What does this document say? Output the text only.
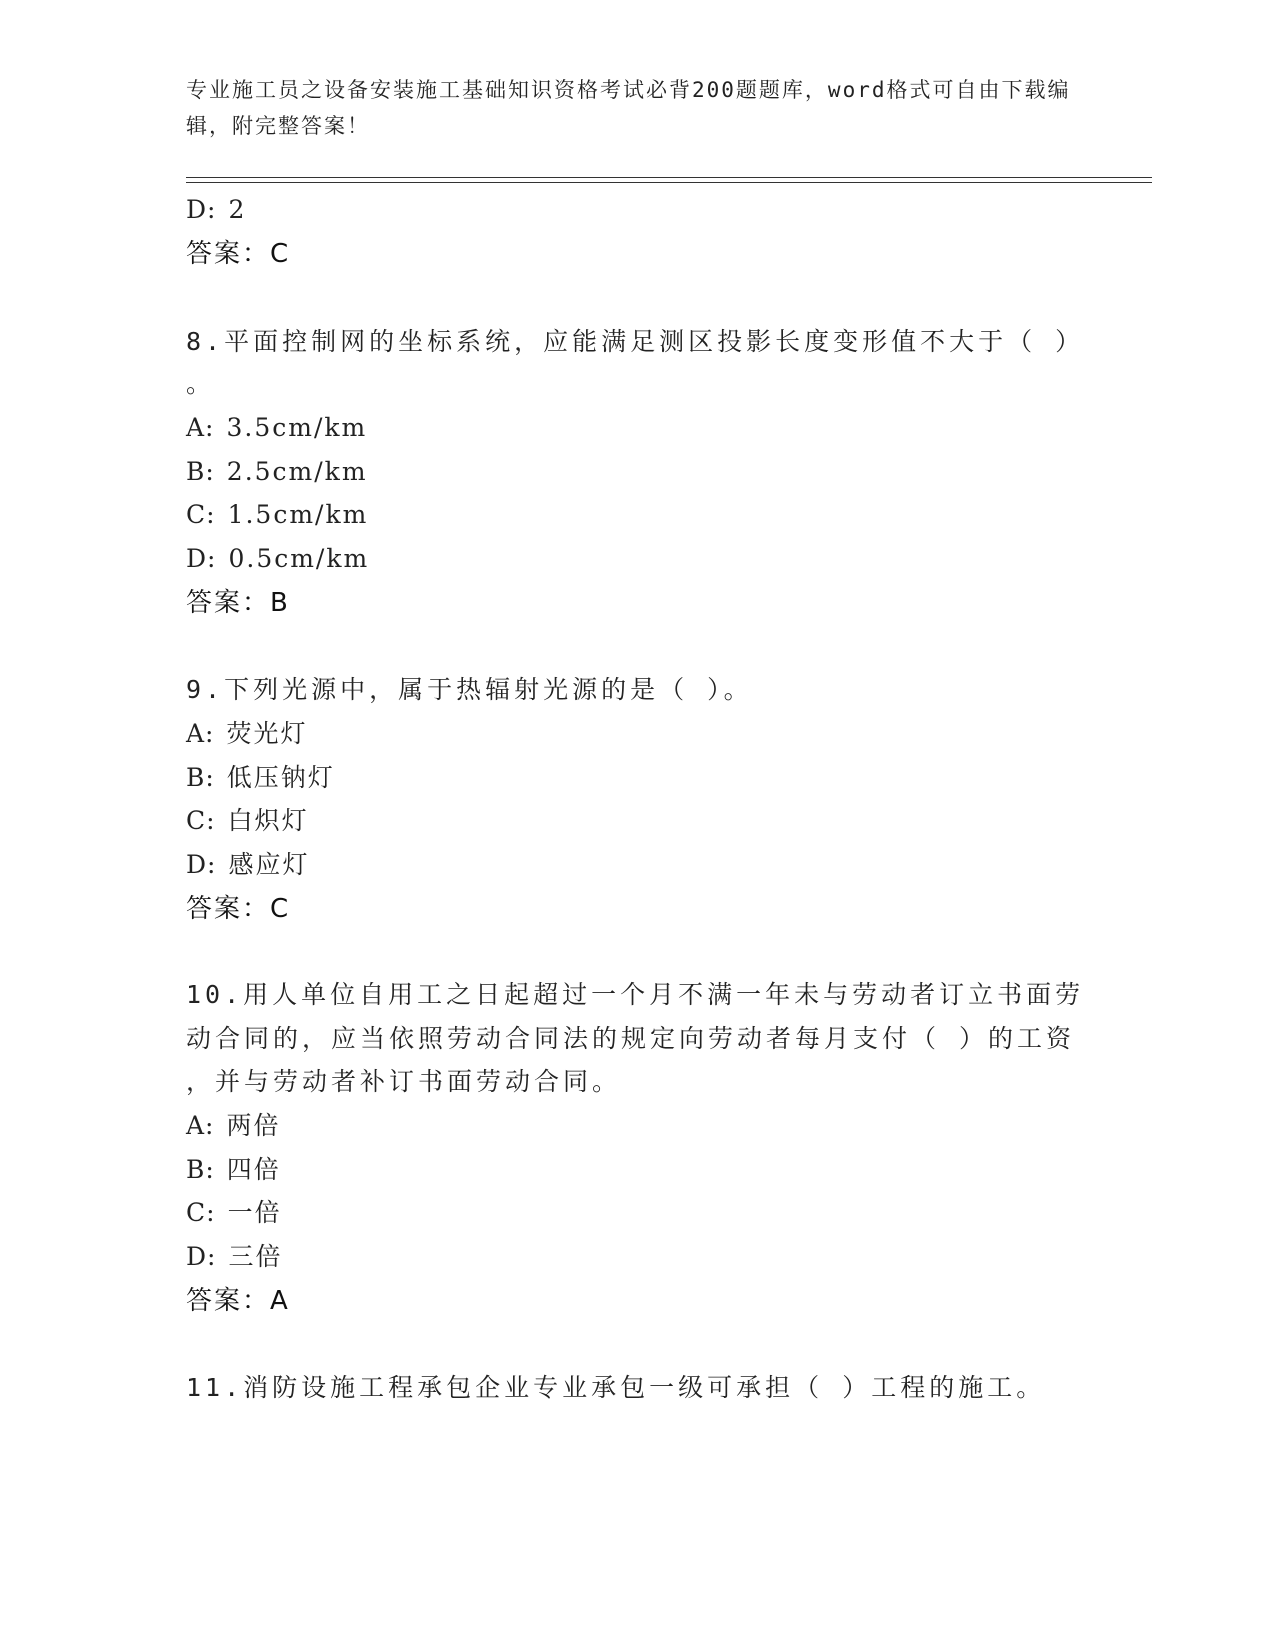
专业施工员之设备安装施工基础知识资格考试必背200题题库，word格式可自由下载编辑，附完整答案！
D: 2
答案：C
8.平面控制网的坐标系统，应能满足测区投影长度变形值不大于（ ）
。
A: 3.5cm/km
B: 2.5cm/km
C: 1.5cm/km
D: 0.5cm/km
答案：B
9.下列光源中，属于热辐射光源的是（ ）。
A: 荧光灯
B: 低压钠灯
C: 白炽灯
D: 感应灯
答案：C
10.用人单位自用工之日起超过一个月不满一年未与劳动者订立书面劳
动合同的，应当依照劳动合同法的规定向劳动者每月支付（ ）的工资
，并与劳动者补订书面劳动合同。
A: 两倍
B: 四倍
C: 一倍
D: 三倍
答案：A
11.消防设施工程承包企业专业承包一级可承担（ ）工程的施工。
